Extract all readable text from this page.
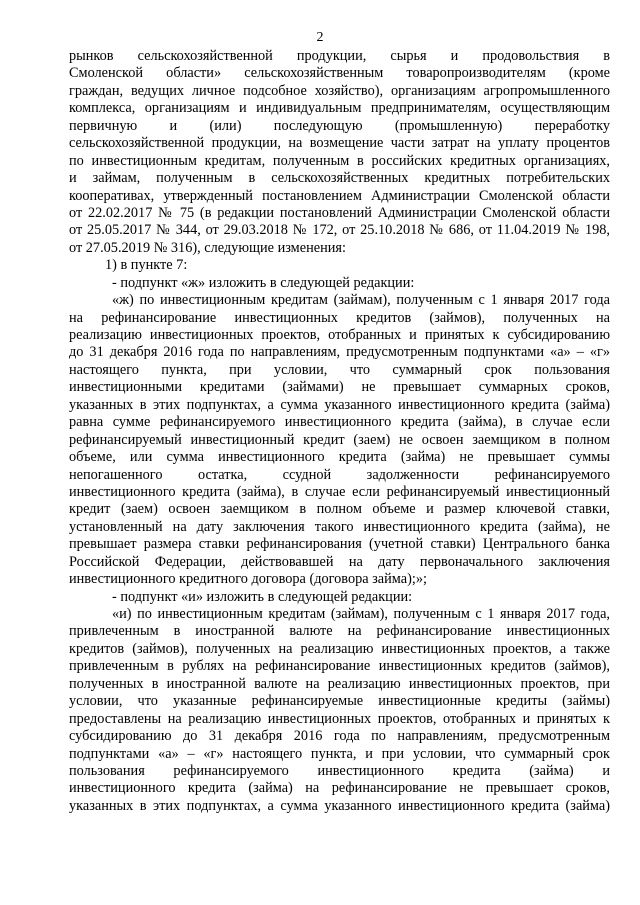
2
рынков сельскохозяйственной продукции, сырья и продовольствия в
Смоленской области» сельскохозяйственным товаропроизводителям (кроме
граждан, ведущих личное подсобное хозяйство), организациям агропромышленного
комплекса, организациям и индивидуальным предпринимателям, осуществляющим
первичную и (или) последующую (промышленную) переработку
сельскохозяйственной продукции, на возмещение части затрат на уплату процентов
по инвестиционным кредитам, полученным в российских кредитных организациях,
и займам, полученным в сельскохозяйственных кредитных потребительских
кооперативах, утвержденный постановлением Администрации Смоленской области
от 22.02.2017 № 75 (в редакции постановлений Администрации Смоленской области
от 25.05.2017 № 344, от 29.03.2018 № 172, от 25.10.2018 № 686, от 11.04.2019 № 198,
от 27.05.2019 № 316), следующие изменения:
1) в пункте 7:
- подпункт «ж» изложить в следующей редакции:
«ж) по инвестиционным кредитам (займам), полученным с 1 января 2017 года
на рефинансирование инвестиционных кредитов (займов), полученных на
реализацию инвестиционных проектов, отобранных и принятых к субсидированию
до 31 декабря 2016 года по направлениям, предусмотренным подпунктами «а» – «г»
настоящего пункта, при условии, что суммарный срок пользования
инвестиционными кредитами (займами) не превышает суммарных сроков,
указанных в этих подпунктах, а сумма указанного инвестиционного кредита (займа)
равна сумме рефинансируемого инвестиционного кредита (займа), в случае если
рефинансируемый инвестиционный кредит (заем) не освоен заемщиком в полном
объеме, или сумма инвестиционного кредита (займа) не превышает суммы
непогашенного остатка, ссудной задолженности рефинансируемого
инвестиционного кредита (займа), в случае если рефинансируемый инвестиционный
кредит (заем) освоен заемщиком в полном объеме и размер ключевой ставки,
установленный на дату заключения такого инвестиционного кредита (займа), не
превышает размера ставки рефинансирования (учетной ставки) Центрального банка
Российской Федерации, действовавшей на дату первоначального заключения
инвестиционного кредитного договора (договора займа);»;
- подпункт «и» изложить в следующей редакции:
«и) по инвестиционным кредитам (займам), полученным с 1 января 2017 года,
привлеченным в иностранной валюте на рефинансирование инвестиционных
кредитов (займов), полученных на реализацию инвестиционных проектов, а также
привлеченным в рублях на рефинансирование инвестиционных кредитов (займов),
полученных в иностранной валюте на реализацию инвестиционных проектов, при
условии, что указанные рефинансируемые инвестиционные кредиты (займы)
предоставлены на реализацию инвестиционных проектов, отобранных и принятых к
субсидированию до 31 декабря 2016 года по направлениям, предусмотренным
подпунктами «а» – «г» настоящего пункта, и при условии, что суммарный срок
пользования рефинансируемого инвестиционного кредита (займа) и
инвестиционного кредита (займа) на рефинансирование не превышает сроков,
указанных в этих подпунктах, а сумма указанного инвестиционного кредита (займа)
